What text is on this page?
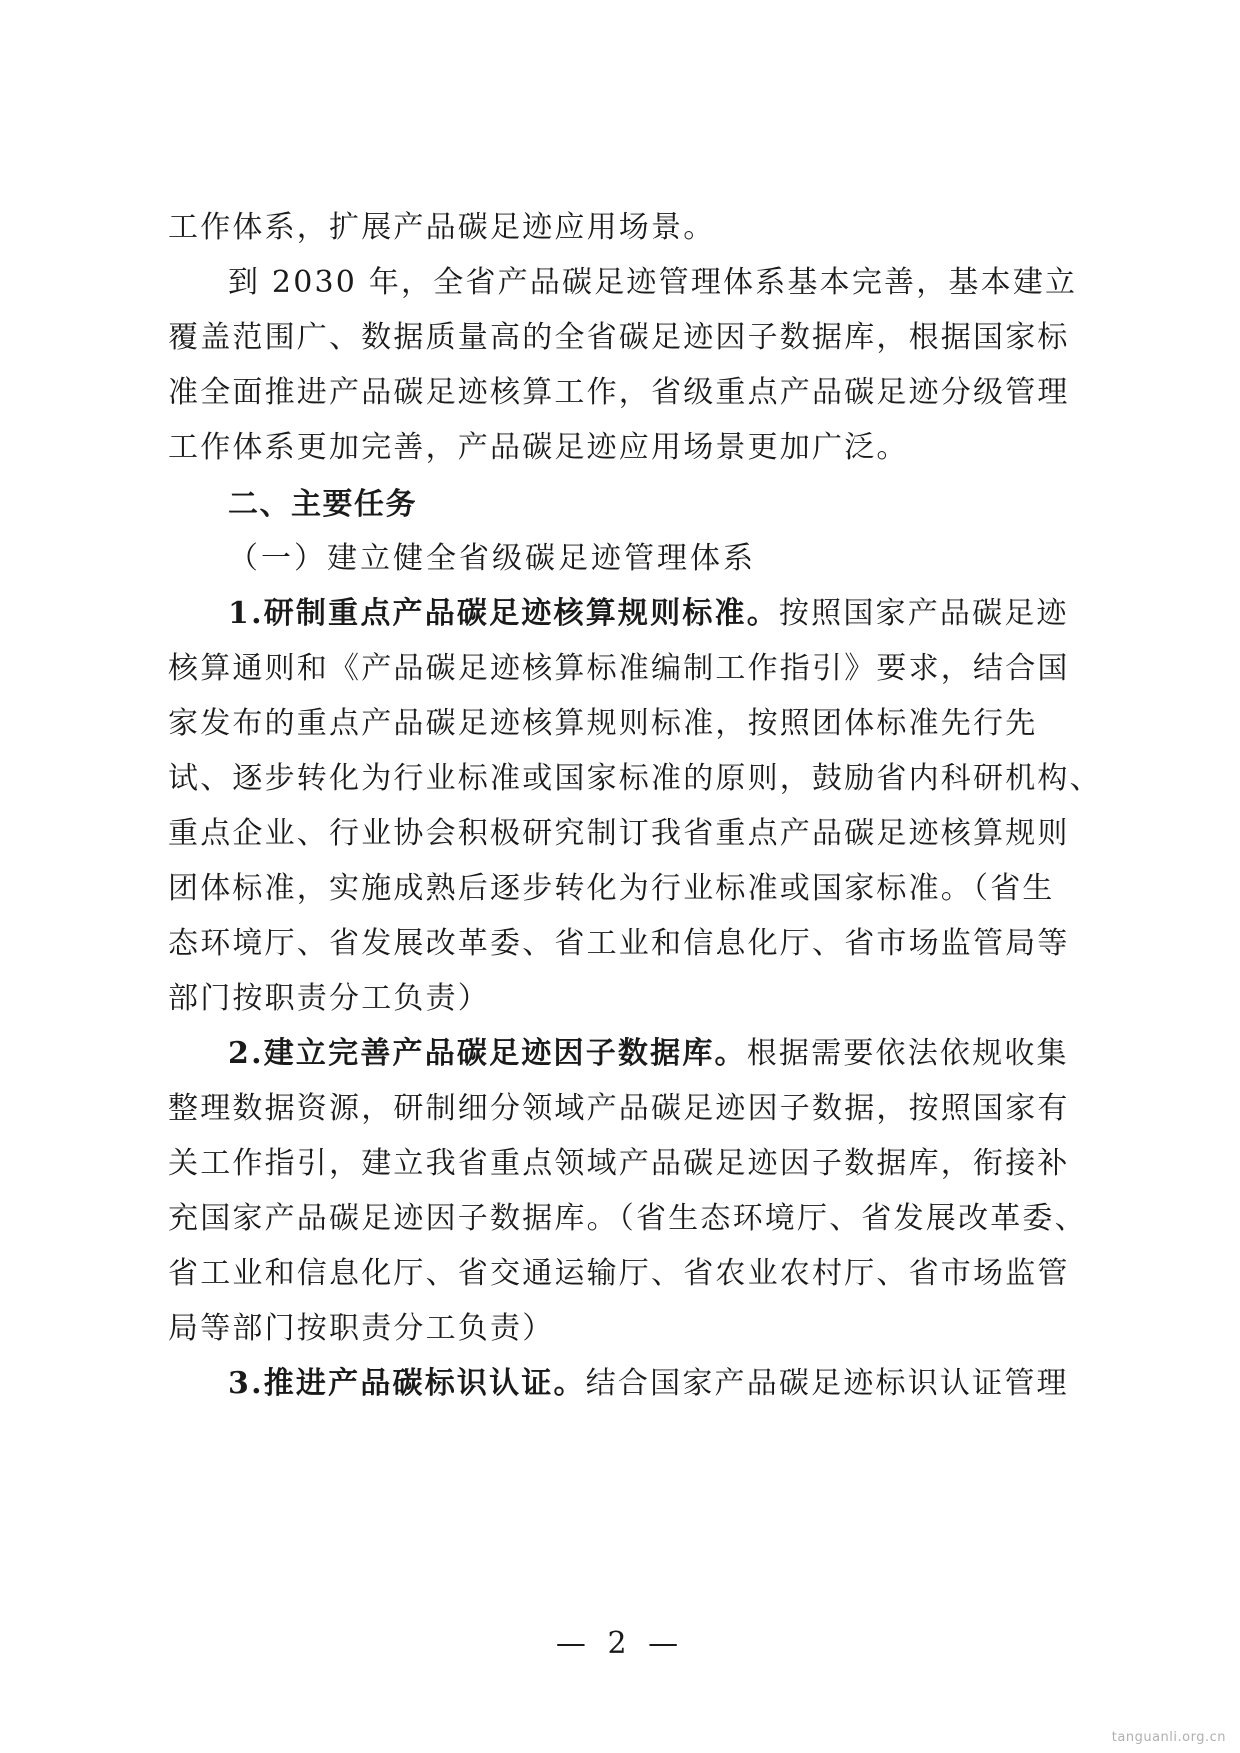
工作体系，扩展产品碳足迹应用场景。
到 2030 年，全省产品碳足迹管理体系基本完善，基本建立
覆盖范围广、数据质量高的全省碳足迹因子数据库，根据国家标
准全面推进产品碳足迹核算工作，省级重点产品碳足迹分级管理
工作体系更加完善，产品碳足迹应用场景更加广泛。
二、主要任务
（一）建立健全省级碳足迹管理体系
1.研制重点产品碳足迹核算规则标准。按照国家产品碳足迹
核算通则和《产品碳足迹核算标准编制工作指引》要求，结合国
家发布的重点产品碳足迹核算规则标准，按照团体标准先行先
试、逐步转化为行业标准或国家标准的原则，鼓励省内科研机构、
重点企业、行业协会积极研究制订我省重点产品碳足迹核算规则
团体标准，实施成熟后逐步转化为行业标准或国家标准。（省生
态环境厅、省发展改革委、省工业和信息化厅、省市场监管局等
部门按职责分工负责）
2.建立完善产品碳足迹因子数据库。根据需要依法依规收集
整理数据资源，研制细分领域产品碳足迹因子数据，按照国家有
关工作指引，建立我省重点领域产品碳足迹因子数据库，衔接补
充国家产品碳足迹因子数据库。（省生态环境厅、省发展改革委、
省工业和信息化厅、省交通运输厅、省农业农村厅、省市场监管
局等部门按职责分工负责）
3.推进产品碳标识认证。结合国家产品碳足迹标识认证管理
— 2 —
tanguanli.org.cn
